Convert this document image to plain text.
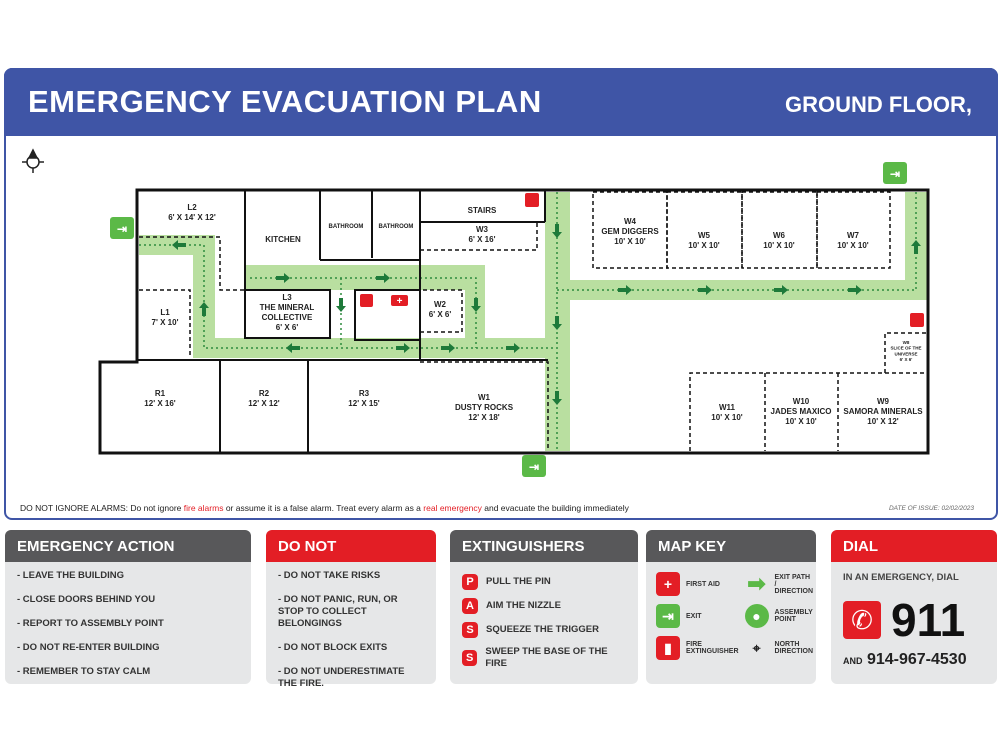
EMERGENCY EVACUATION PLAN	GROUND FLOOR,
⇥
⇥
⇥
+
L2
6' X 14' X 12'
L1
7' X 10'
KITCHEN
BATHROOM	BATHROOM
STAIRS
W3
6' X 16'
L3
THE MINERAL
COLLECTIVE
6' X 6'
W2
6' X 6'
R1
12' X 16'
R2
12' X 12'
R3
12' X 15'
W1
DUSTY ROCKS
12' X 18'
W4
GEM DIGGERS
10' X 10'
W5
10' X 10'
W6
10' X 10'
W7
10' X 10'
W8
SLICE OF THE
UNIVERSE
6' X 6'
W11
10' X 10'
W10
JADES MAXICO
10' X 10'
W9
SAMORA MINERALS
10' X 12'
DO NOT IGNORE ALARMS: Do not ignore fire alarms or assume it is a false alarm. Treat every alarm as a real emergency and evacuate the building immediately	DATE OF ISSUE: 02/02/2023
EMERGENCY ACTION
- LEAVE THE BUILDING
- CLOSE DOORS BEHIND YOU
- REPORT TO ASSEMBLY POINT
- DO NOT RE-ENTER BUILDING
- REMEMBER TO STAY CALM
DO NOT
- DO NOT TAKE RISKS
- DO NOT PANIC, RUN, OR STOP TO COLLECT BELONGINGS
- DO NOT BLOCK EXITS
- DO NOT UNDERESTIMATE THE FIRE.
EXTINGUISHERS
P	PULL THE PIN
A	AIM THE NIZZLE
S	SQUEEZE THE TRIGGER
S
SWEEP THE BASE OF THE FIRE
MAP KEY
+	FIRST AID ➡	EXIT PATH / DIRECTION
⇥	EXIT	●	ASSEMBLY POINT
▮	FIRE EXTINGUISHER	⌖	NORTH DIRECTION
DIAL
IN AN EMERGENCY, DIAL
✆ 911
AND 914-967-4530
